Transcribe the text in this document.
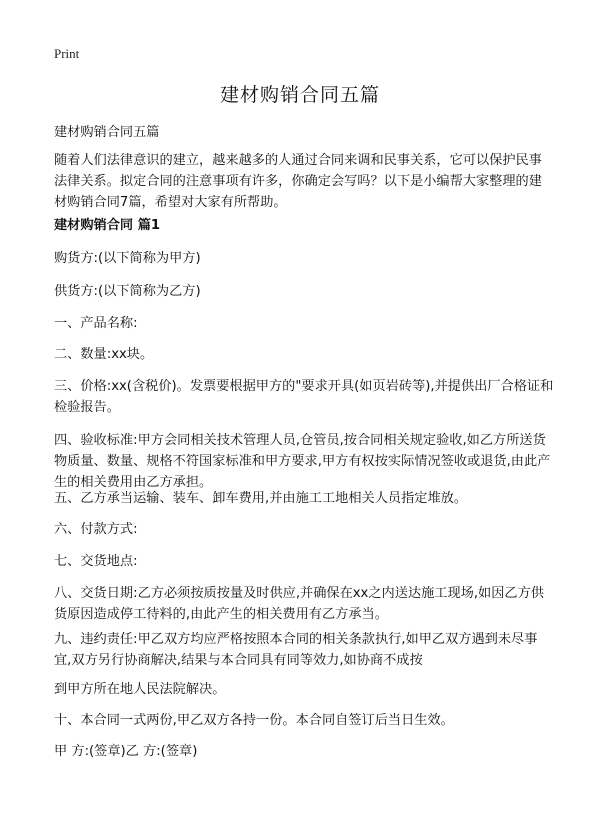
Print
建材购销合同五篇
建材购销合同五篇
随着人们法律意识的建立，越来越多的人通过合同来调和民事关系，它可以保护民事法律关系。拟定合同的注意事项有许多，你确定会写吗？以下是小编帮大家整理的建材购销合同7篇，希望对大家有所帮助。
建材购销合同 篇1
购货方:(以下简称为甲方)
供货方:(以下简称为乙方)
一、产品名称:
二、数量:xx块。
三、价格:xx(含税价)。发票要根据甲方的"要求开具(如页岩砖等),并提供出厂合格证和检验报告。
四、验收标准:甲方会同相关技术管理人员,仓管员,按合同相关规定验收,如乙方所送货物质量、数量、规格不符国家标准和甲方要求,甲方有权按实际情况签收或退货,由此产生的相关费用由乙方承担。
五、乙方承当运输、装车、卸车费用,并由施工工地相关人员指定堆放。
六、付款方式:
七、交货地点:
八、交货日期:乙方必须按质按量及时供应,并确保在xx之内送达施工现场,如因乙方供货原因造成停工待料的,由此产生的相关费用有乙方承当。
九、违约责任:甲乙双方均应严格按照本合同的相关条款执行,如甲乙双方遇到未尽事宜,双方另行协商解决,结果与本合同具有同等效力,如协商不成按
到甲方所在地人民法院解决。
十、本合同一式两份,甲乙双方各持一份。本合同自签订后当日生效。
甲 方:(签章)乙 方:(签章)
